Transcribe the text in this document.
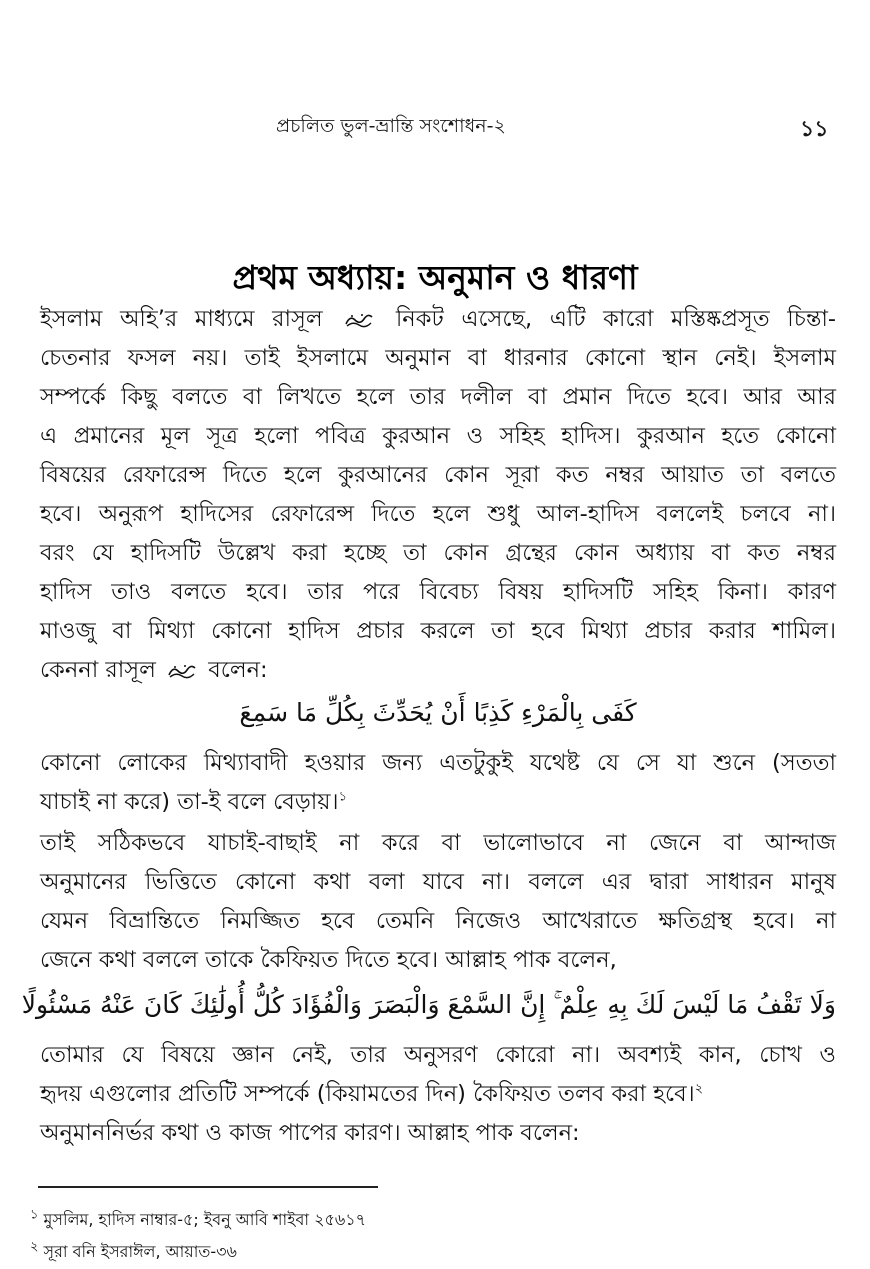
প্রচলিত ভুল-ভ্রান্তি সংশোধন-২	১১
প্রথম অধ্যায়: অনুমান ও ধারণা
ইসলাম অহি’র মাধ্যমে রাসূল	নিকট এসেছে, এটি কারো মস্তিষ্কপ্রসূত চিন্তা-
চেতনার ফসল নয়। তাই ইসলামে অনুমান বা ধারনার কোনো স্থান নেই। ইসলাম
সম্পর্কে কিছু বলতে বা লিখতে হলে তার দলীল বা প্রমান দিতে হবে। আর আর
এ প্রমানের মূল সূত্র হলো পবিত্র কুরআন ও সহিহ হাদিস। কুরআন হতে কোনো
বিষয়ের রেফারেন্স দিতে হলে কুরআনের কোন সূরা কত নম্বর আয়াত তা বলতে
হবে। অনুরূপ হাদিসের রেফারেন্স দিতে হলে শুধু আল-হাদিস বললেই চলবে না।
বরং যে হাদিসটি উল্লেখ করা হচ্ছে তা কোন গ্রন্থের কোন অধ্যায় বা কত নম্বর
হাদিস তাও বলতে হবে। তার পরে বিবেচ্য বিষয় হাদিসটি সহিহ কিনা। কারণ
মাওজু বা মিথ্যা কোনো হাদিস প্রচার করলে তা হবে মিথ্যা প্রচার করার শামিল।
কেননা রাসূল বলেন:
كَفَى بِالْمَرْءِ كَذِبًا أَنْ يُحَدِّثَ بِكُلِّ مَا سَمِعَ
কোনো লোকের মিথ্যাবাদী হওয়ার জন্য এতটুকুই যথেষ্ট যে সে যা শুনে (সততা
যাচাই না করে) তা-ই বলে বেড়ায়।$^১$
তাই সঠিকভবে যাচাই-বাছাই না করে বা ভালোভাবে না জেনে বা আন্দাজ
অনুমানের ভিত্তিতে কোনো কথা বলা যাবে না। বললে এর দ্বারা সাধারন মানুষ
যেমন বিভ্রান্তিতে নিমজ্জিত হবে তেমনি নিজেও আখেরাতে ক্ষতিগ্রস্থ হবে। না
জেনে কথা বললে তাকে কৈফিয়ত দিতে হবে। আল্লাহ পাক বলেন,
وَلَا تَقْفُ مَا لَيْسَ لَكَ بِهِ عِلْمٌ ۚ إِنَّ السَّمْعَ وَالْبَصَرَ وَالْفُؤَادَ كُلُّ أُولَٰئِكَ كَانَ عَنْهُ مَسْئُولًا
তোমার যে বিষয়ে জ্ঞান নেই, তার অনুসরণ কোরো না। অবশ্যই কান, চোখ ও
হৃদয় এগুলোর প্রতিটি সম্পর্কে (কিয়ামতের দিন) কৈফিয়ত তলব করা হবে।$^২$
অনুমাননির্ভর কথা ও কাজ পাপের কারণ। আল্লাহ পাক বলেন:
$^১$ মুসলিম, হাদিস নাম্বার-৫; ইবনু আবি শাইবা ২৫৬১৭
$^২$ সূরা বনি ইসরাঈল, আয়াত-৩৬
